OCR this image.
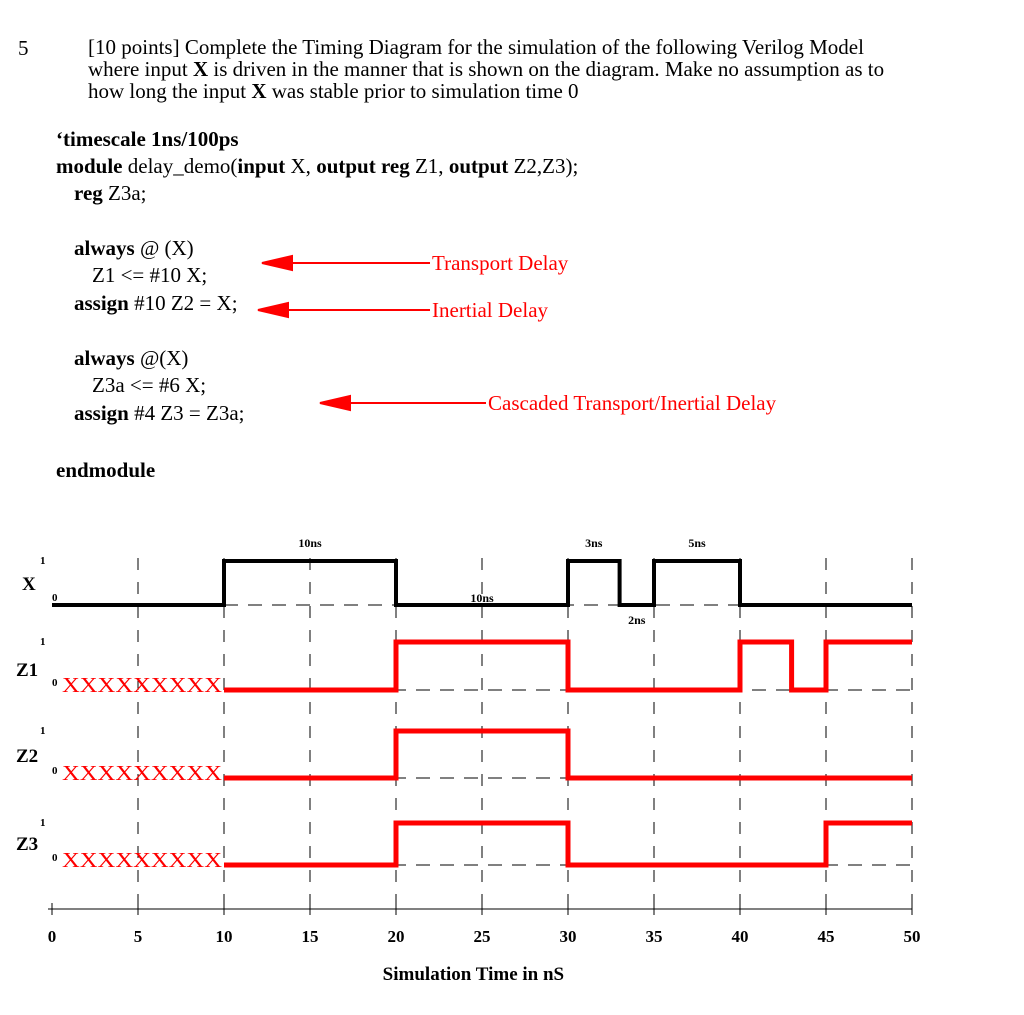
5	[10 points] Complete the Timing Diagram for the simulation of the following Verilog Model
where input X is driven in the manner that is shown on the diagram. Make no assumption as to
how long the input X was stable prior to simulation time 0
‘timescale 1ns/100ps
module delay_demo(input X, output reg Z1, output Z2,Z3);
reg Z3a;
always @ (X)
Z1 <= #10 X;
assign #10 Z2 = X;
always @(X)
Z3a <= #6 X;
assign #4 Z3 = Z3a;
endmodule
Transport Delay
Inertial Delay
Cascaded Transport/Inertial Delay
X
1
0
Z1
1
0
Z2
1
0
Z3
1
0
10ns
10ns
3ns	5ns
2ns
XXXXXXXXX
XXXXXXXXX
XXXXXXXXX
0	5	10	15	20	25	30	35	40	45	50
Simulation Time in nS
